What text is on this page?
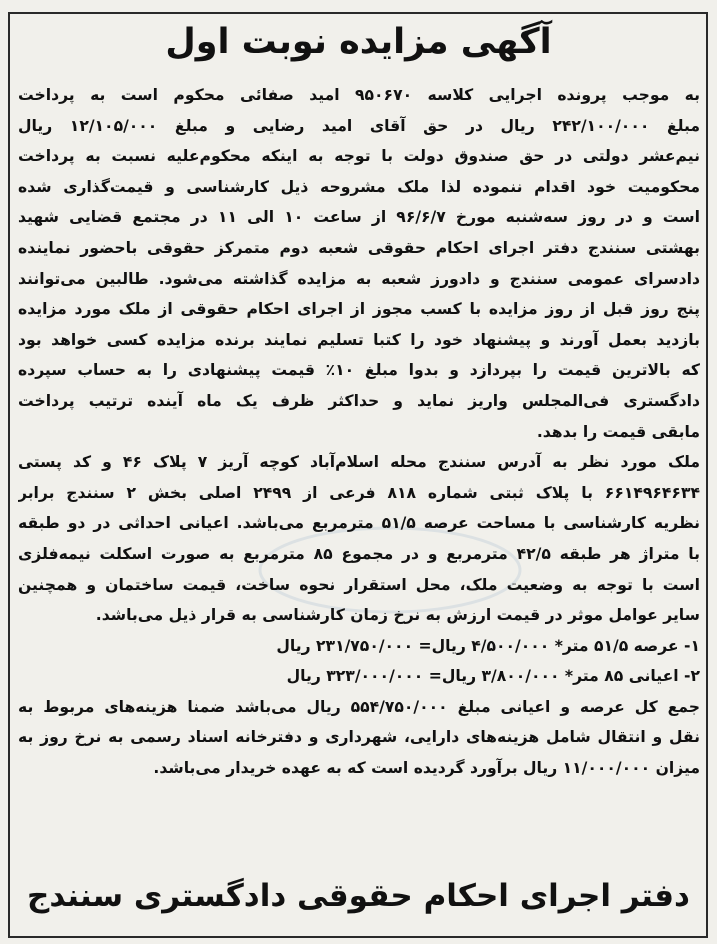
آگهی مزایده نوبت اول
به موجب پرونده اجرایی کلاسه ۹۵۰۶۷۰ امید صفائی محکوم است به پرداخت
مبلغ ۲۴۲/۱۰۰/۰۰۰ ریال در حق آقای امید رضایی و مبلغ ۱۲/۱۰۵/۰۰۰ ریال
نیم‌عشر دولتی در حق صندوق دولت با توجه به اینکه محکوم‌علیه نسبت به پرداخت
محکومیت خود اقدام ننموده لذا ملک مشروحه ذیل کارشناسی و قیمت‌گذاری شده
است و در روز سه‌شنبه مورخ ۹۶/۶/۷ از ساعت ۱۰ الی ۱۱ در مجتمع قضایی شهید
بهشتی سنندج دفتر اجرای احکام حقوقی شعبه دوم متمرکز حقوقی باحضور نماینده
دادسرای عمومی سنندج و دادورز شعبه به مزایده گذاشته می‌شود. طالبین می‌توانند
پنج روز قبل از روز مزایده با کسب مجوز از اجرای احکام حقوقی از ملک مورد مزایده
بازدید بعمل آورند و پیشنهاد خود را کتبا تسلیم نمایند برنده مزایده کسی خواهد بود
که بالاترین قیمت را بپردازد و بدوا مبلغ ۱۰٪ قیمت پیشنهادی را به حساب سپرده
دادگستری فی‌المجلس واریز نماید و حداکثر ظرف یک ماه آینده ترتیب پرداخت
مابقی قیمت را بدهد.
ملک مورد نظر به آدرس سنندج محله اسلام‌آباد کوچه آریز ۷ پلاک ۴۶ و کد پستی
۶۶۱۴۹۶۴۶۳۴ با پلاک ثبتی شماره ۸۱۸ فرعی از ۲۴۹۹ اصلی بخش ۲ سنندج برابر
نظریه کارشناسی با مساحت عرصه ۵۱/۵ مترمربع می‌باشد. اعیانی احداثی در دو طبقه
با متراژ هر طبقه ۴۲/۵ مترمربع و در مجموع ۸۵ مترمربع به صورت اسکلت نیمه‌فلزی
است با توجه به وضعیت ملک، محل استقرار نحوه ساخت، قیمت ساختمان و همچنین
سایر عوامل موثر در قیمت ارزش به نرخ زمان کارشناسی به قرار ذیل می‌باشد.
۱- عرصه ۵۱/۵ متر* ۴/۵۰۰/۰۰۰ ریال= ۲۳۱/۷۵۰/۰۰۰ ریال
۲- اعیانی ۸۵ متر* ۳/۸۰۰/۰۰۰ ریال= ۳۲۳/۰۰۰/۰۰۰ ریال
جمع کل عرصه و اعیانی مبلغ ۵۵۴/۷۵۰/۰۰۰ ریال می‌باشد ضمنا هزینه‌های مربوط به
نقل و انتقال شامل هزینه‌های دارایی، شهرداری و دفترخانه اسناد رسمی به نرخ روز به
میزان ۱۱/۰۰۰/۰۰۰ ریال برآورد گردیده است که به عهده خریدار می‌باشد.
دفتر اجرای احکام حقوقی دادگستری سنندج
